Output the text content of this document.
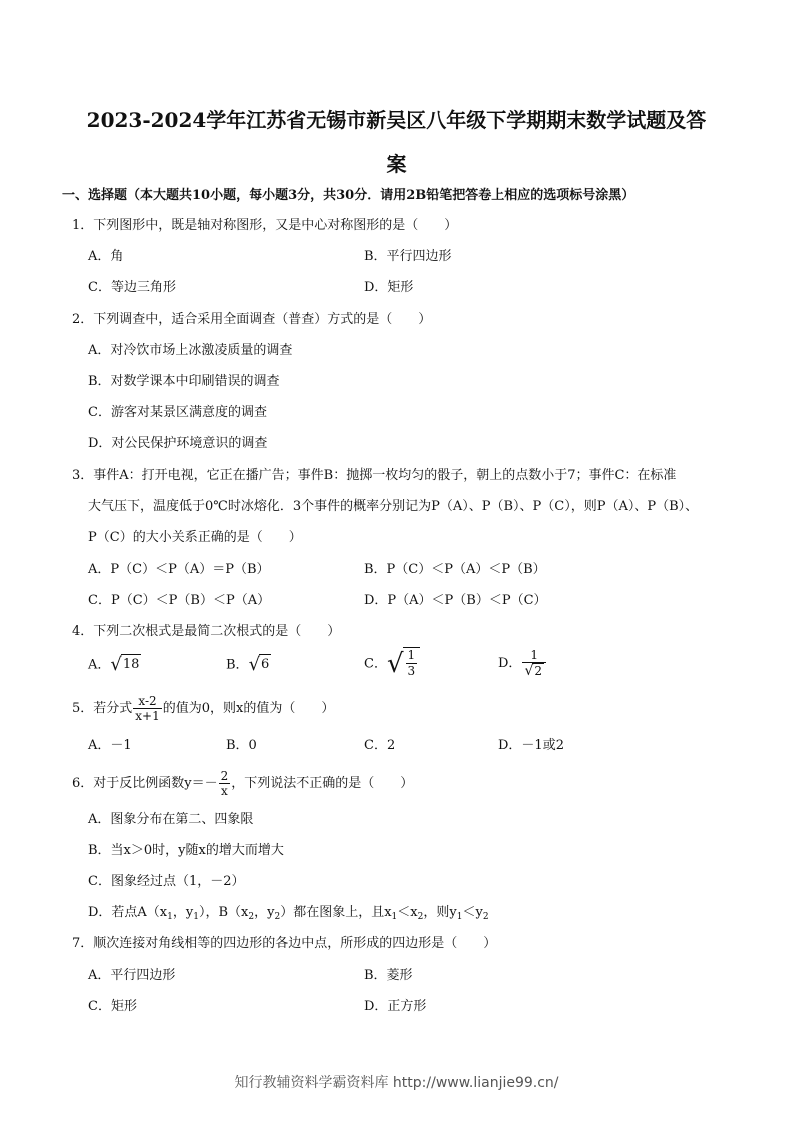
2023-2024学年江苏省无锡市新吴区八年级下学期期末数学试题及答
案
一、选择题（本大题共10小题，每小题3分，共30分．请用2B铅笔把答卷上相应的选项标号涂黑）
1．下列图形中，既是轴对称图形，又是中心对称图形的是（　　）
A．角	B．平行四边形
C．等边三角形	D．矩形
2．下列调查中，适合采用全面调查（普查）方式的是（　　）
A．对冷饮市场上冰激凌质量的调查
B．对数学课本中印刷错误的调查
C．游客对某景区满意度的调查
D．对公民保护环境意识的调查
3．事件A：打开电视，它正在播广告；事件B：抛掷一枚均匀的骰子，朝上的点数小于7；事件C：在标准
大气压下，温度低于0℃时冰熔化．3个事件的概率分别记为P（A）、P（B）、P（C），则P（A）、P（B）、
P（C）的大小关系正确的是（　　）
A．P（C）＜P（A）＝P（B）	B．P（C）＜P（A）＜P（B）
C．P（C）＜P（B）＜P（A）	D．P（A）＜P（B）＜P（C）
4．下列二次根式是最简二次根式的是（　　）
A． √ 18	B． √ 6	C． √ $\frac{1}{3}$	D． $\frac{1}{√ 2}$
5．若分式 $\frac{x-2}{x+1}$ 的值为0，则x的值为（　　）
A．－1	B．0	C．2	D．－1或2
6．对于反比例函数$y=- \frac{2}{x}$ ，下列说法不正确的是（　　）
A．图象分布在第二、四象限
B．当x＞0时，y随x的增大而增大
C．图象经过点（1，－2）
D．若点$A(x_1$，$y_1$），$B(x_2$，$y_2$）都在图象上，且$x_1<x_2$，则$y_1<y_2$
7．顺次连接对角线相等的四边形的各边中点，所形成的四边形是（　　）
A．平行四边形	B．菱形
C．矩形	D．正方形
知行教辅资料学霸资料库 http://www.lianjie99.cn/
